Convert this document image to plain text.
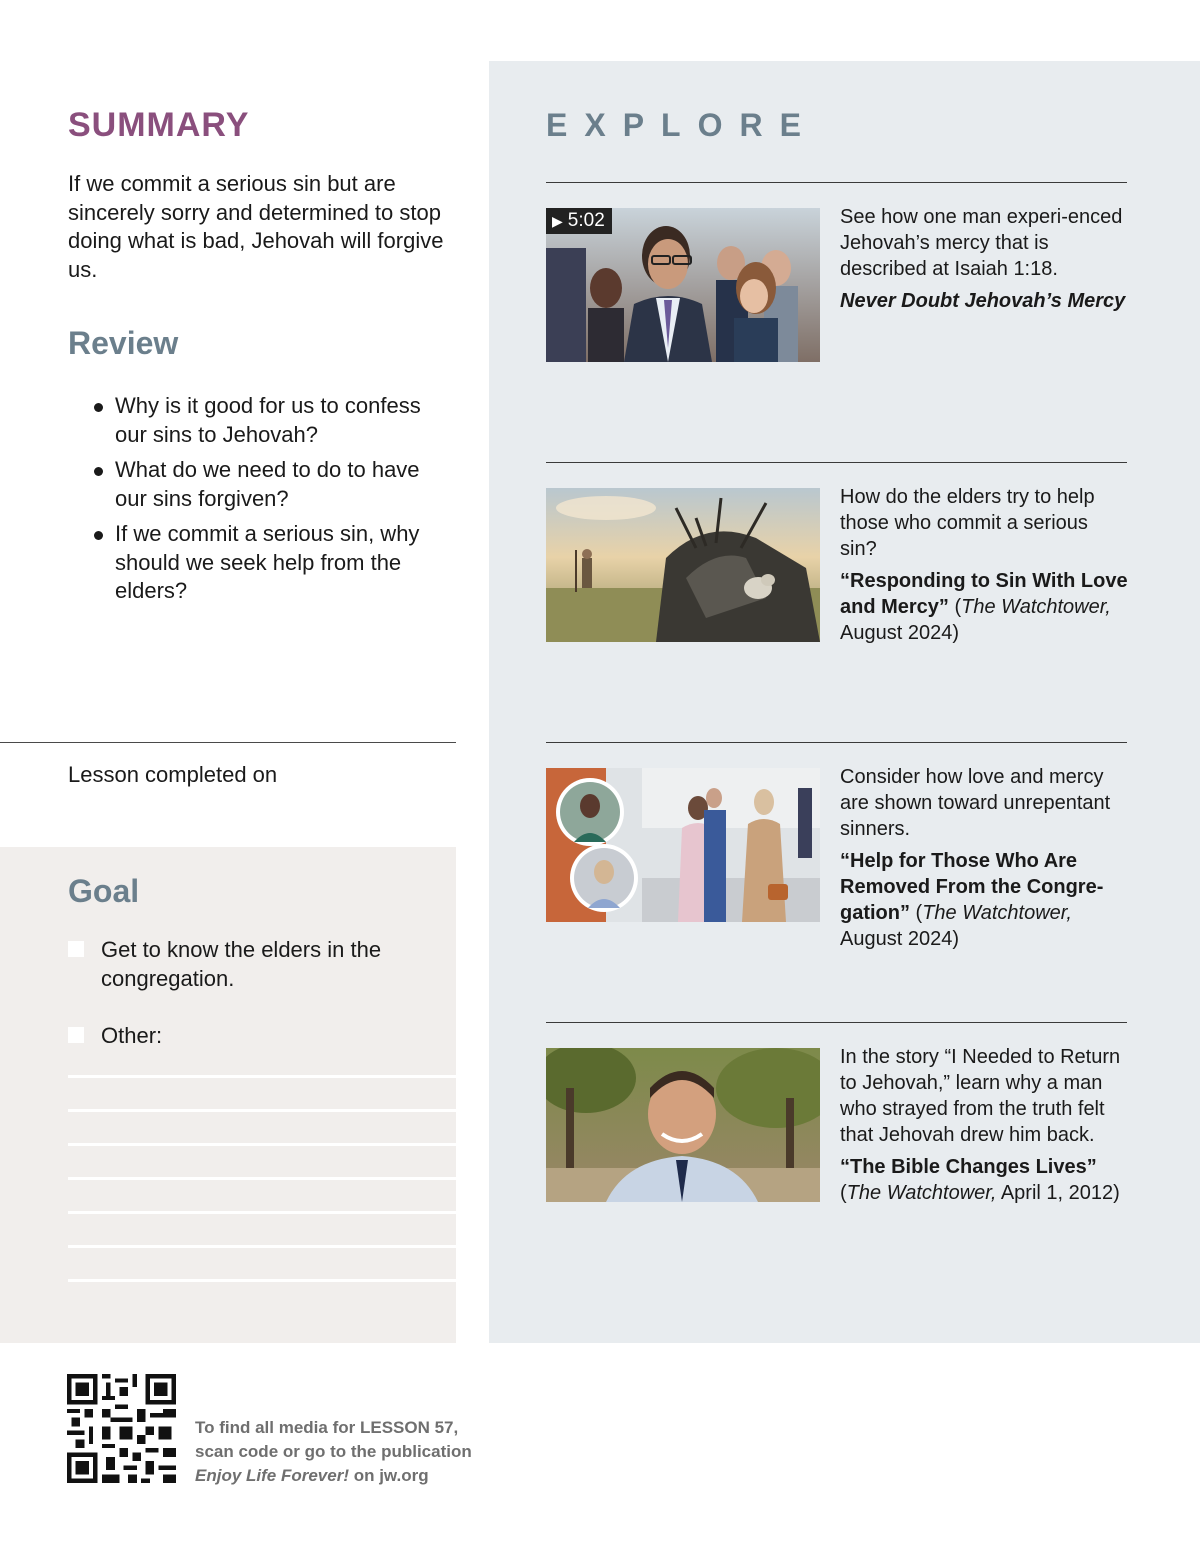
SUMMARY

If we commit a serious sin but are sincerely sorry and determined to stop doing what is bad, Jehovah will forgive us.

Review
Why is it good for us to confess our sins to Jehovah?
What do we need to do to have our sins forgiven?
If we commit a serious sin, why should we seek help from the elders?
Lesson completed on
Goal
Get to know the elders in the congregation.
Other:
EXPLORE
▶ 5:02	See how one man experi-enced Jehovah’s mercy that is described at Isaiah 1:18.

Never Doubt Jehovah’s Mercy

How do the elders try to help those who commit a serious sin?

“Responding to Sin With Love and Mercy” (The Watchtower, August 2024)

Consider how love and mercy are shown toward unrepentant sinners.

“Help for Those Who Are Removed From the Congre-gation” (The Watchtower, August 2024)

In the story “I Needed to Return to Jehovah,” learn why a man who strayed from the truth felt that Jehovah drew him back.

“The Bible Changes Lives”
(The Watchtower, April 1, 2012)

To find all media for LESSON 57,
scan code or go to the publication
Enjoy Life Forever! on jw.org
